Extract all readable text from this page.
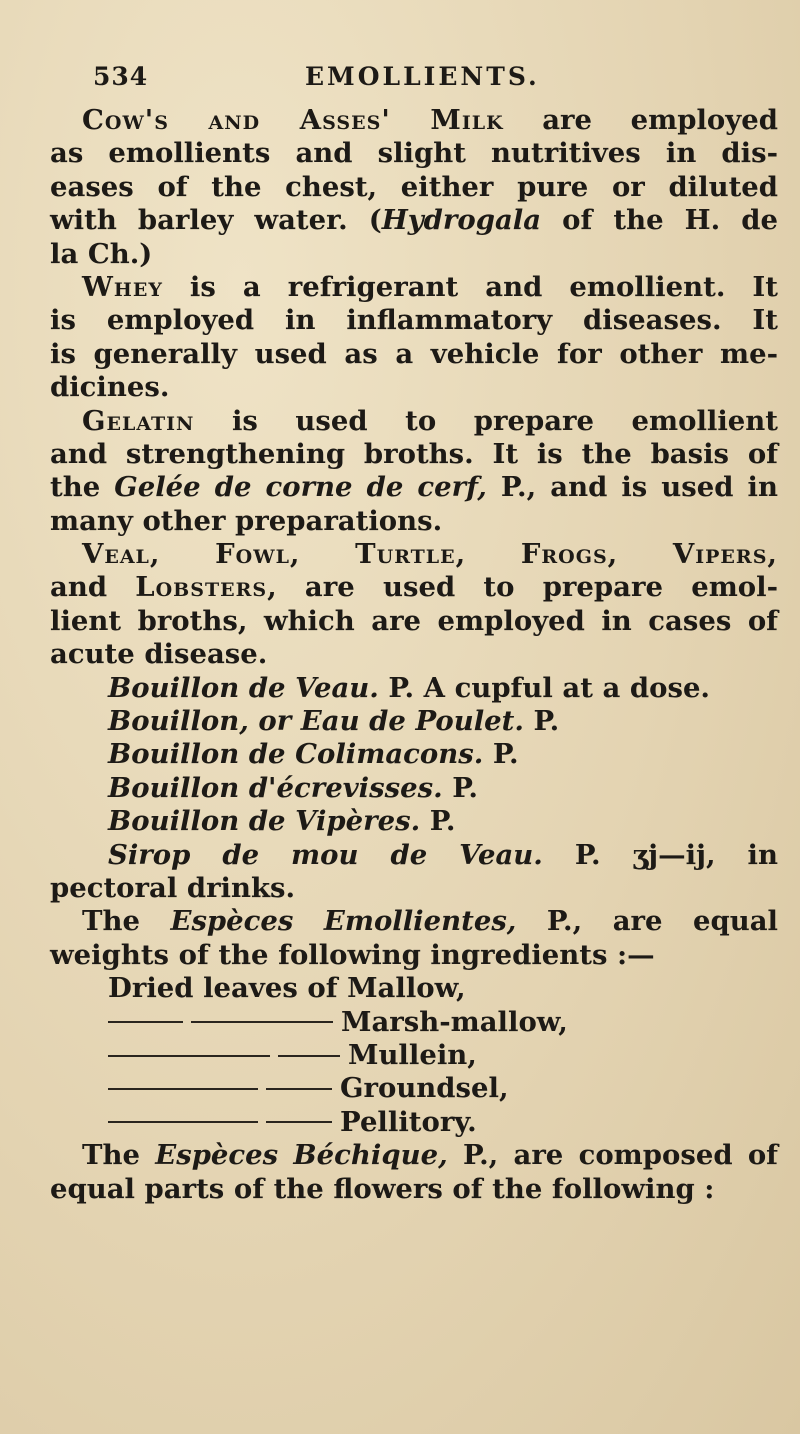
534	EMOLLIENTS.
Cow's and Asses' Milk are employed
as emollients and slight nutritives in dis-
eases of the chest, either pure or diluted
with barley water. (Hydrogala of the H. de
la Ch.)
Whey is a refrigerant and emollient. It
is employed in inflammatory diseases. It
is generally used as a vehicle for other me-
dicines.
Gelatin is used to prepare emollient
and strengthening broths. It is the basis of
the Gelée de corne de cerf, P., and is used in
many other preparations.
Veal, Fowl, Turtle, Frogs, Vipers,
and Lobsters, are used to prepare emol-
lient broths, which are employed in cases of
acute disease.
Bouillon de Veau. P. A cupful at a dose.
Bouillon, or Eau de Poulet. P.
Bouillon de Colimacons. P.
Bouillon d'écrevisses. P.
Bouillon de Vipères. P.
Sirop de mou de Veau. P. ʒj—ij, in
pectoral drinks.
The Espèces Emollientes, P., are equal
weights of the following ingredients :—
Dried leaves of Mallow,
Marsh-mallow,
Mullein,
Groundsel,
Pellitory.
The Espèces Béchique, P., are composed of
equal parts of the flowers of the following :
